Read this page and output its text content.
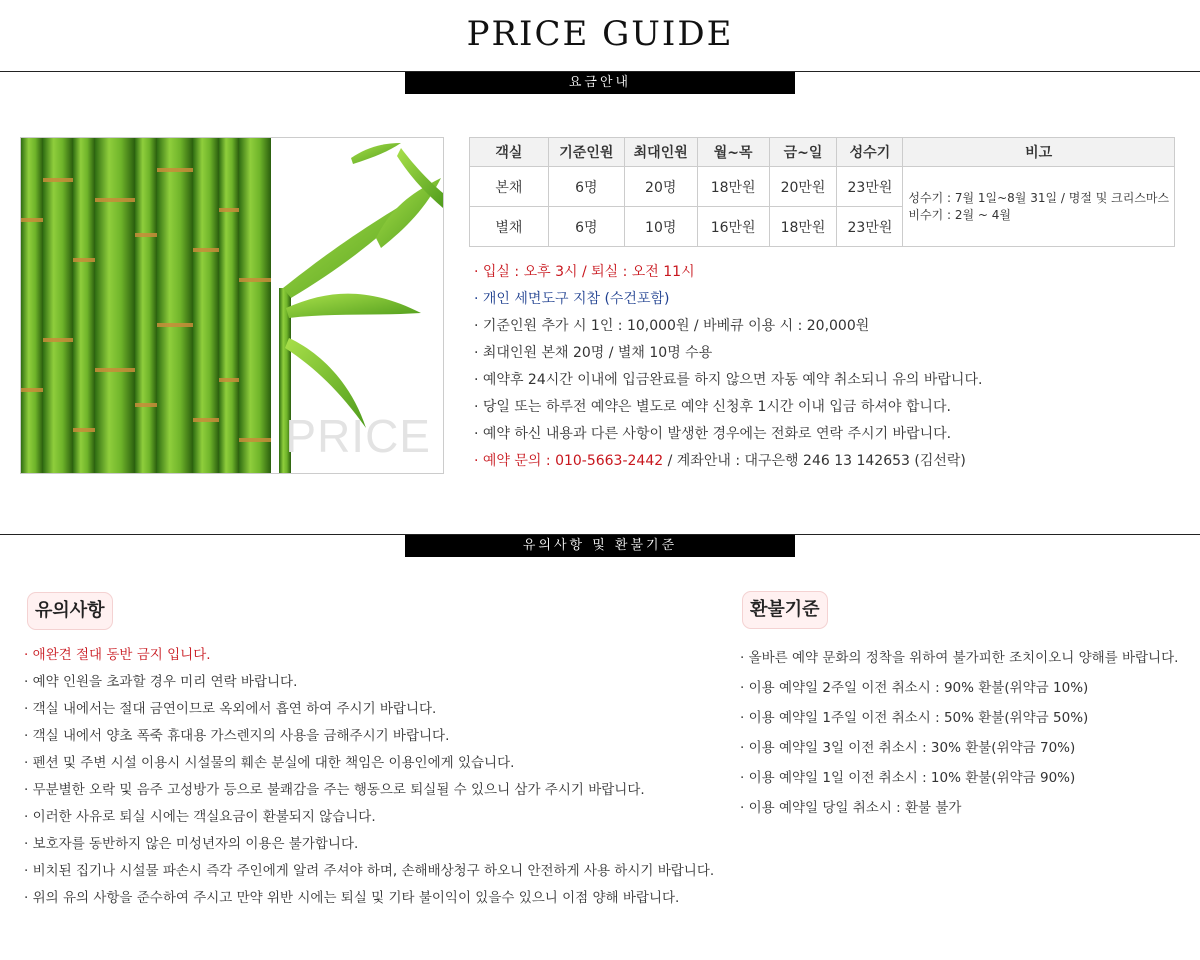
PRICE GUIDE
요금안내
PRICE
객실	기준인원	최대인원	월~목	금~일	성수기	비고
본채	6명	20명	18만원	20만원	23만원	성수기 : 7월 1일~8월 31일 / 명절 및 크리스마스
비수기 : 2월 ~ 4월

별채	6명	10명	16만원	18만원	23만원	
· 입실 : 오후 3시 / 퇴실 : 오전 11시
· 개인 세면도구 지참 (수건포함)
· 기준인원 추가 시 1인 : 10,000원 / 바베큐 이용 시 : 20,000원
· 최대인원 본채 20명 / 별채 10명 수용
· 예약후 24시간 이내에 입금완료를 하지 않으면 자동 예약 취소되니 유의 바랍니다.
· 당일 또는 하루전 예약은 별도로 예약 신청후 1시간 이내 입금 하셔야 합니다.
· 예약 하신 내용과 다른 사항이 발생한 경우에는 전화로 연락 주시기 바랍니다.
· 예약 문의 : 010-5663-2442 / 계좌안내 : 대구은행 246 13 142653 (김선락)
유의사항 및 환불기준
유의사항
· 애완견 절대 동반 금지 입니다.
· 예약 인원을 초과할 경우 미리 연락 바랍니다.
· 객실 내에서는 절대 금연이므로 옥외에서 흡연 하여 주시기 바랍니다.
· 객실 내에서 양초 폭죽 휴대용 가스렌지의 사용을 금해주시기 바랍니다.
· 펜션 및 주변 시설 이용시 시설물의 훼손 분실에 대한 책임은 이용인에게 있습니다.
· 무분별한 오락 및 음주 고성방가 등으로 불쾌감을 주는 행동으로 퇴실될 수 있으니 삼가 주시기 바랍니다.
· 이러한 사유로 퇴실 시에는 객실요금이 환불되지 않습니다.
· 보호자를 동반하지 않은 미성년자의 이용은 불가합니다.
· 비치된 집기나 시설물 파손시 즉각 주인에게 알려 주셔야 하며, 손해배상청구 하오니 안전하게 사용 하시기 바랍니다.
· 위의 유의 사항을 준수하여 주시고 만약 위반 시에는 퇴실 및 기타 불이익이 있을수 있으니 이점 양해 바랍니다.
환불기준
· 올바른 예약 문화의 정착을 위하여 불가피한 조치이오니 양해를 바랍니다.
· 이용 예약일 2주일 이전 취소시 : 90% 환불(위약금 10%)
· 이용 예약일 1주일 이전 취소시 : 50% 환불(위약금 50%)
· 이용 예약일 3일 이전 취소시 : 30% 환불(위약금 70%)
· 이용 예약일 1일 이전 취소시 : 10% 환불(위약금 90%)
· 이용 예약일 당일 취소시 : 환불 불가
